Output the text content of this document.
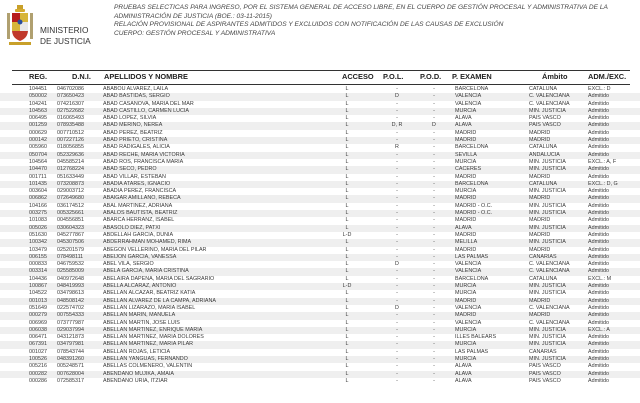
MINISTERIO
DE JUSTICIA
PRUEBAS SELECTICAS PARA INGRESO, POR EL SISTEMA GENERAL DE ACCESO LIBRE, EN EL CUERPO DE GESTIÓN PROCESAL Y ADMINISTRATIVA DE LA
ADMINISTRACIÓN DE JUSTICIA (BOE.: 03-11-2015)
RELACIÓN PROVISIONAL DE ASPIRANTES ADMITIDOS Y EXCLUIDOS CON NOTIFICACIÓN DE LAS CAUSAS DE EXCLUSIÓN
CUERPO: GESTIÓN PROCESAL Y ADMINISTRATIVA
REG.	D.N.I. APELLIDOS Y NOMBRE	ACCESO P.O.L. P.O.D. P. EXAMEN	Ámbito	ADM./EXC.
104451	046702086	ABABOU ALVAREZ, LAILA	L	-	-	BARCELONA	CATALUÑA	EXCL.: D
050002	073650423	ABAD BASTIDAS, SERGIO	L	D	-	VALENCIA	C. VALENCIANA	Admitido
104241	074216307	ABAD CASANOVA, MARIA DEL MAR	L	-	-	VALENCIA	C. VALENCIANA	Admitido
104563	027522682	ABAD CASTILLO, CARMEN LUCIA	L	-	-	MURCIA	MIN. JUSTICIA	Admitido
006495	016065493	ABAD LOPEZ, SILVIA	L	-	-	ALAVA	PAIS VASCO	Admitido
001259	078935488	ABAD MERINO, NEREA	L	D, R	D	ALAVA	PAIS VASCO	Admitido
000629	007710512	ABAD PEREZ, BEATRIZ	L	-	-	MADRID	MADRID	Admitido
000142	007227126	ABAD PRIETO, CRISTINA	L	-	-	MADRID	MADRID	Admitido
005960	018056855	ABAD RADIGALES, ALICIA	L	R	-	BARCELONA	CATALUÑA	Admitido
050704	052329636	ABAD RECHE, MARIA VICTORIA	L	-	-	SEVILLA	ANDALUCIA	Admitido
104564	045585214	ABAD ROS, FRANCISCA MARIA	L	-	-	MURCIA	MIN. JUSTICIA	EXCL.: A, F
104470	012768224	ABAD SECO, PEDRO	L	-	-	CACERES	MIN. JUSTICIA	Admitido
001711	051633449	ABAD VILLAR, ESTEBAN	L	-	-	MADRID	MADRID	Admitido
101435	073208873	ABADIA ATARES, IGNACIO	L	-	-	BARCELONA	CATALUÑA	EXCL.: D, G
003604	029003712	ABADIA PEREZ, FRANCISCA	L	-	-	MURCIA	MIN. JUSTICIA	Admitido
006862	072649680	ABAIGAR AMILLANO, REBECA	L	-	-	MADRID	MADRID	Admitido
104166	036174512	ABAL MARTINEZ, ADRIANA	L	-	-	MADRID - O.C.	MIN. JUSTICIA	Admitido
003275	005325661	ABALOS BAUTISTA, BEATRIZ	L	-	-	MADRID - O.C.	MIN. JUSTICIA	Admitido
101083	004556851	ABARCA HERRANZ, ISABEL	L	-	-	MADRID	MADRID	Admitido
005026	030604323	ABASOLO DIEZ, PATXI	L	-	-	ALAVA	MIN. JUSTICIA	Admitido
051630	045277867	ABDELLAH GARCIA, DUNIA	L-D	-	-	MADRID	MADRID	Admitido
100342	045307506	ABDERRAHMAN MOHAMED, RIMA	L	-	-	MELILLA	MIN. JUSTICIA	Admitido
103479	025201579	ABEGON VELLERINO, MARIA DEL PILAR	L	-	-	MADRID	MADRID	Admitido
006155	078498111	ABEIJON GARCIA, VANESSA	L	-	-	LAS PALMAS	CANARIAS	Admitido
000833	046759532	ABEL VILA, SERGIO	L	D	-	VALENCIA	C. VALENCIANA	Admitido
003314	025585009	ABELA GARCIA, MARIA CRISTINA	L	-	-	VALENCIA	C. VALENCIANA	Admitido
104436	040972648	ABELAIRA DAPENA, MARIA DEL SAGRARIO	L	-	-	BARCELONA	CATALUÑA	EXCL.: M
100867	048419993	ABELLA ALCARAZ, ANTONIO	L-D	-	-	MURCIA	MIN. JUSTICIA	Admitido
104522	034798613	ABELLAN ALCAZAR, BEATRIZ KATIA	L	-	-	MURCIA	MIN. JUSTICIA	Admitido
001013	048508142	ABELLAN ALVAREZ DE LA CAMPA, ADRIANA	L	-	-	MADRID	MADRID	Admitido
051649	022574702	ABELLAN LIZARAZO, MARIA ISABEL	L	D	-	VALENCIA	C. VALENCIANA	Admitido
000279	007554333	ABELLAN MARIN, MANUELA	L	-	-	MADRID	MADRID	Admitido
006969	073777987	ABELLAN MARTIN, JOSE LUIS	L	-	-	VALENCIA	C. VALENCIANA	Admitido
006038	029037994	ABELLAN MARTINEZ, ENRIQUE MARIA	L	-	-	MURCIA	MIN. JUSTICIA	EXCL.: A
006471	043121873	ABELLAN MARTINEZ, MARIA DOLORES	L	-	-	ILLES BALEARS	MIN. JUSTICIA	Admitido
067391	034797981	ABELLAN MARTINEZ, MARIA PILAR	L	-	-	MURCIA	MIN. JUSTICIA	Admitido
001027	078543744	ABELLAN ROJAS, LETICIA	L	-	-	LAS PALMAS	CANARIAS	Admitido
100526	048391260	ABELLAN YANGUAS, FERNANDO	L	-	-	MURCIA	MIN. JUSTICIA	Admitido
005216	005248571	ABELLAS COLMENERO, VALENTIN	L	-	-	ALAVA	PAIS VASCO	Admitido
000282	007628004	ABENDAÑO MUJIKA, AMAIA	L	-	-	ALAVA	PAIS VASCO	Admitido
000286	072585317	ABENDAÑO URIA, ITZIAR	L	-	-	ALAVA	PAIS VASCO	Admitido
